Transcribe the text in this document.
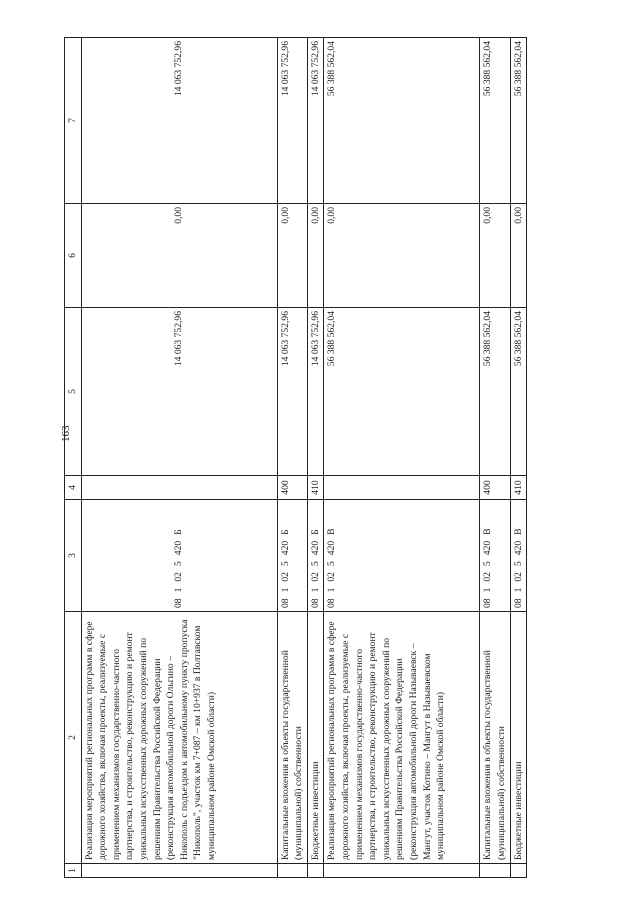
163
1	2	3	4	5	6	7
	Реализация мероприятий региональных программ в сфере дорожного хозяйства, включая проекты, реализуемые с применением механизмов государственно-частного партнерства, и строительство, реконструкцию и ремонт уникальных искусственных дорожных сооружений по решениям Правительства Российской Федерации (реконструкция автомобильной дороги Ольгино – Никополь с подъездом к автомобильному пункту пропуска "Никополь", участок км 7+087 – км 10+937 в Полтавском муниципальном районе Омской области)	081025420Б		14 063 752,96	0,00	14 063 752,96
	Капитальные вложения в объекты государственной (муниципальной) собственности	081025420Б	400	14 063 752,96	0,00	14 063 752,96
	Бюджетные инвестиции	081025420Б	410	14 063 752,96	0,00	14 063 752,96
	Реализация мероприятий региональных программ в сфере дорожного хозяйства, включая проекты, реализуемые с применением механизмов государственно-частного партнерства, и строительство, реконструкцию и ремонт уникальных искусственных дорожных сооружений по решениям Правительства Российской Федерации (реконструкция автомобильной дороги Называевск – Мангут, участок Котино – Мангут в Называевском муниципальном районе Омской области)	081025420В		56 388 562,04	0,00	56 388 562,04
	Капитальные вложения в объекты государственной (муниципальной) собственности	081025420В	400	56 388 562,04	0,00	56 388 562,04
	Бюджетные инвестиции	081025420В	410	56 388 562,04	0,00	56 388 562,04
